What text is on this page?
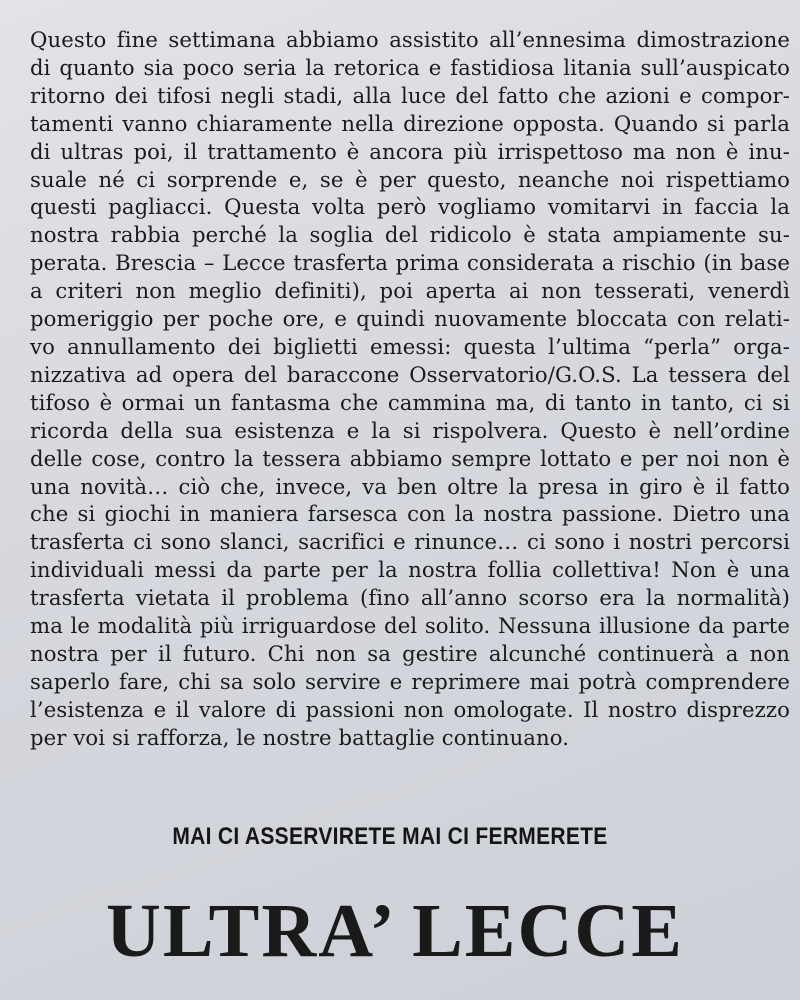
Questo fine settimana abbiamo assistito all’ennesima dimostrazione
di quanto sia poco seria la retorica e fastidiosa litania sull’auspicato
ritorno dei tifosi negli stadi, alla luce del fatto che azioni e compor-
tamenti vanno chiaramente nella direzione opposta. Quando si parla
di ultras poi, il trattamento è ancora più irrispettoso ma non è inu-
suale né ci sorprende e, se è per questo, neanche noi rispettiamo
questi pagliacci. Questa volta però vogliamo vomitarvi in faccia la
nostra rabbia perché la soglia del ridicolo è stata ampiamente su-
perata. Brescia – Lecce trasferta prima considerata a rischio (in base
a criteri non meglio definiti), poi aperta ai non tesserati, venerdì
pomeriggio per poche ore, e quindi nuovamente bloccata con relati-
vo annullamento dei biglietti emessi: questa l’ultima “perla” orga-
nizzativa ad opera del baraccone Osservatorio/G.O.S. La tessera del
tifoso è ormai un fantasma che cammina ma, di tanto in tanto, ci si
ricorda della sua esistenza e la si rispolvera. Questo è nell’ordine
delle cose, contro la tessera abbiamo sempre lottato e per noi non è
una novità… ciò che, invece, va ben oltre la presa in giro è il fatto
che si giochi in maniera farsesca con la nostra passione. Dietro una
trasferta ci sono slanci, sacrifici e rinunce… ci sono i nostri percorsi
individuali messi da parte per la nostra follia collettiva! Non è una
trasferta vietata il problema (fino all’anno scorso era la normalità)
ma le modalità più irriguardose del solito. Nessuna illusione da parte
nostra per il futuro. Chi non sa gestire alcunché continuerà a non
saperlo fare, chi sa solo servire e reprimere mai potrà comprendere
l’esistenza e il valore di passioni non omologate. Il nostro disprezzo
per voi si rafforza, le nostre battaglie continuano.
MAI CI ASSERVIRETE MAI CI FERMERETE
ULTRA’ LECCE
